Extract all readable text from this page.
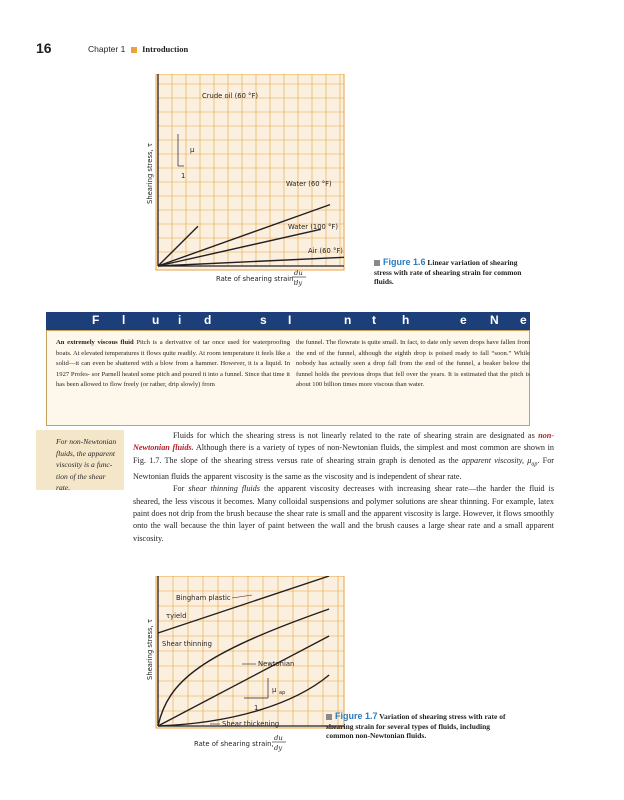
16	Chapter 1 Introduction
Crude oil (60 °F)
Water (60 °F)
Water (100 °F)
Air (60 °F)
μ
1
Shearing stress, τ
Rate of shearing strain,
du
dy
Figure 1.6 Linear variation of shearing stress with rate of shearing strain for common fluids.
F l u i d	s I	n t h	e N e w s
An extremely viscous fluid Pitch is a derivative of tar once used for waterproofing boats. At elevated temperatures it flows quite readily. At room temperature it feels like a solid—it can even be shattered with a blow from a hammer. However, it is a liquid. In 1927 Profes- sor Parnell heated some pitch and poured it into a funnel. Since that time it has been allowed to flow freely (or rather, drip slowly) from
the funnel. The flowrate is quite small. In fact, to date only seven drops have fallen from the end of the funnel, although the eighth drop is poised ready to fall “soon.” While nobody has actually seen a drop fall from the end of the funnel, a beaker below the funnel holds the previous drops that fell over the years. It is estimated that the pitch is about 100 billion times more viscous than water.
For non-Newtonian
fluids, the apparent
viscosity is a func-
tion of the shear
rate.

Fluids for which the shearing stress is not linearly related to the rate of shearing strain are designated as non-Newtonian fluids. Although there is a variety of types of non-Newtonian fluids, the simplest and most common are shown in Fig. 1.7. The slope of the shearing stress versus rate of shearing strain graph is denoted as the apparent viscosity, $\mu_{ap}$. For Newtonian fluids the apparent viscosity is the same as the viscosity and is independent of shear rate.

For shear thinning fluids the apparent viscosity decreases with increasing shear rate—the harder the fluid is sheared, the less viscous it becomes. Many colloidal suspensions and polymer solutions are shear thinning. For example, latex paint does not drip from the brush because the shear rate is small and the apparent viscosity is large. However, it flows smoothly onto the wall because the thin layer of paint between the wall and the brush causes a large shear rate and a small apparent viscosity.

Bingham plastic
Shear thinning
Newtonian
Shear thickening
τyield
μ ap
1
Shearing stress, τ
Rate of shearing strain,
du
dy
Figure 1.7 Variation of shearing stress with rate of shearing strain for several types of fluids, including common non-Newtonian fluids.
